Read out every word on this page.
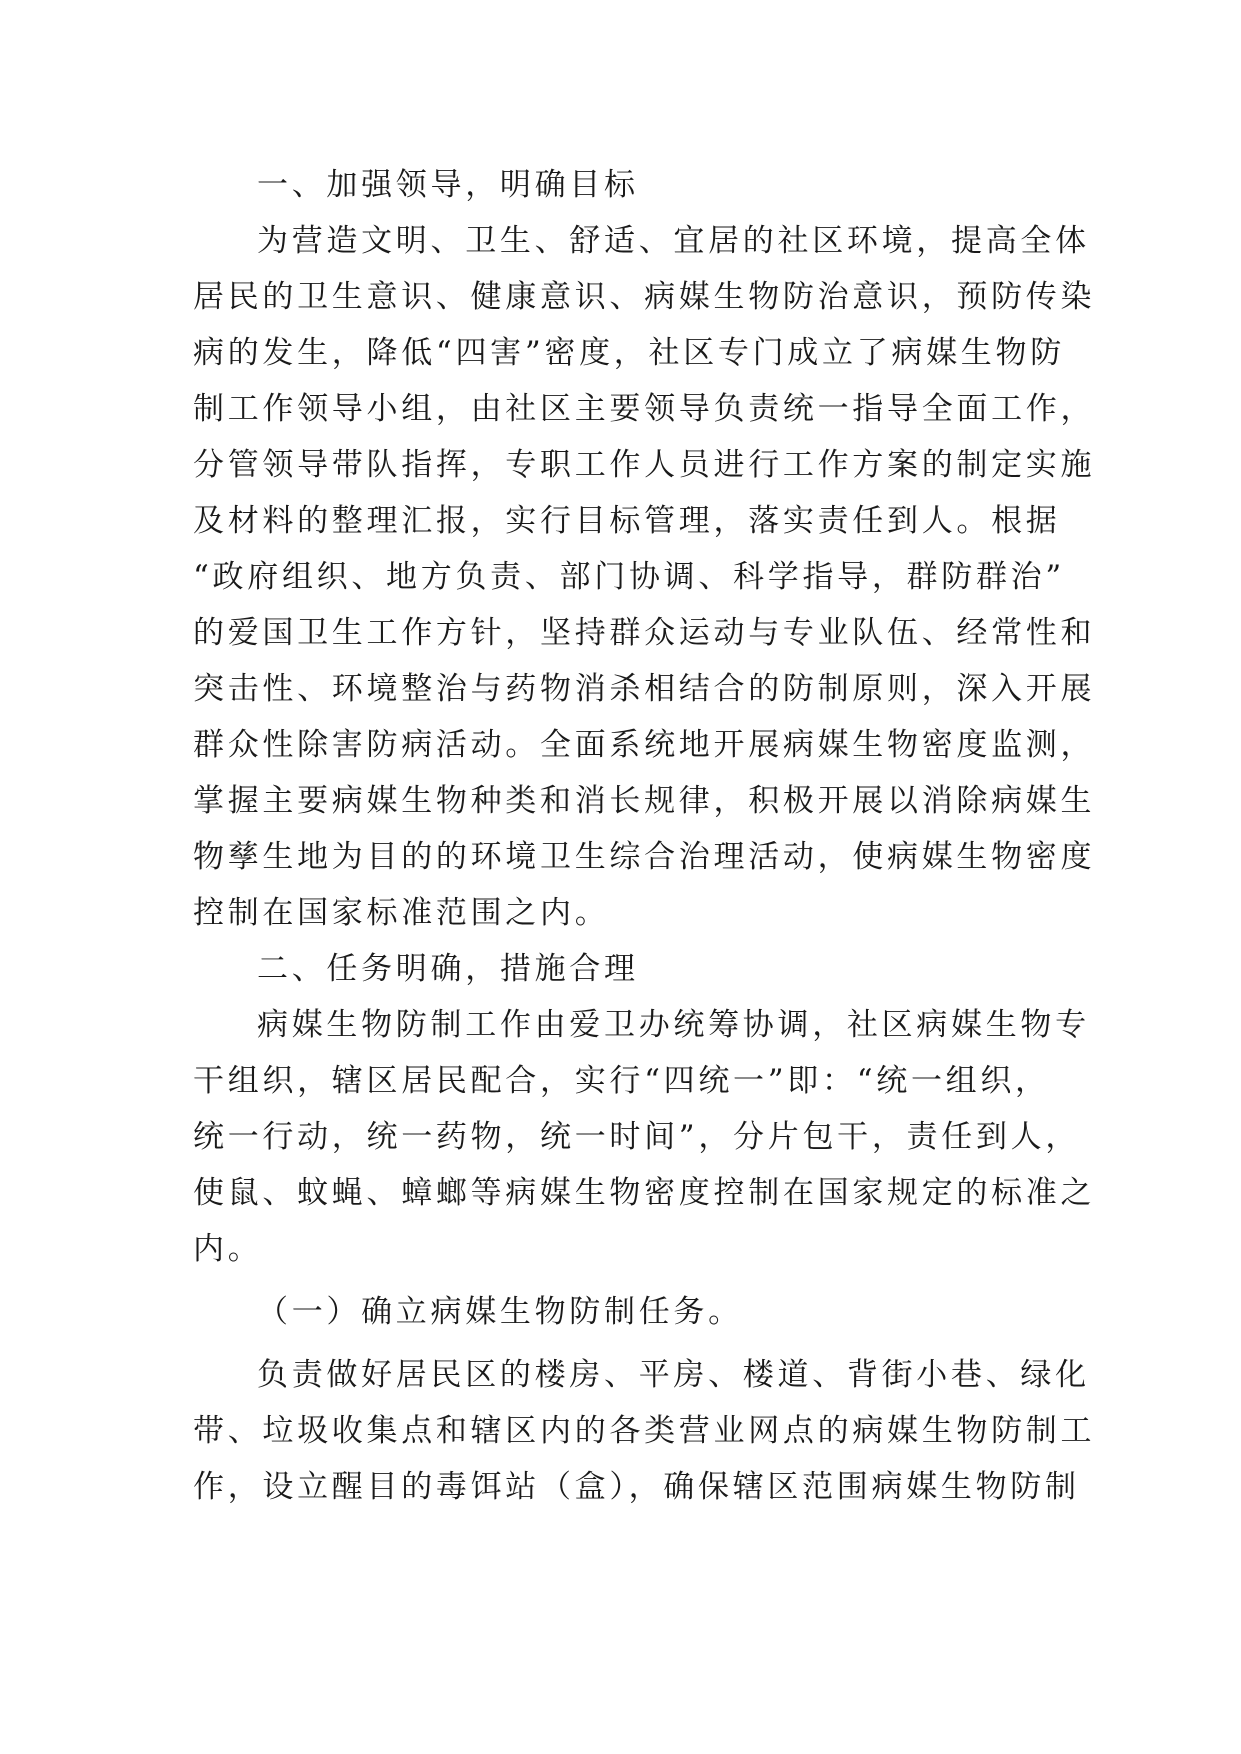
一、加强领导，明确目标
为营造文明、卫生、舒适、宜居的社区环境，提高全体
居民的卫生意识、健康意识、病媒生物防治意识，预防传染
病的发生，降低“四害”密度，社区专门成立了病媒生物防
制工作领导小组，由社区主要领导负责统一指导全面工作，
分管领导带队指挥，专职工作人员进行工作方案的制定实施
及材料的整理汇报，实行目标管理，落实责任到人。根据
“政府组织、地方负责、部门协调、科学指导，群防群治”
的爱国卫生工作方针，坚持群众运动与专业队伍、经常性和
突击性、环境整治与药物消杀相结合的防制原则，深入开展
群众性除害防病活动。全面系统地开展病媒生物密度监测，
掌握主要病媒生物种类和消长规律，积极开展以消除病媒生
物孳生地为目的的环境卫生综合治理活动，使病媒生物密度
控制在国家标准范围之内。
二、任务明确，措施合理
病媒生物防制工作由爱卫办统筹协调，社区病媒生物专
干组织，辖区居民配合，实行“四统一”即：“统一组织，
统一行动，统一药物，统一时间”，分片包干，责任到人，
使鼠、蚊蝇、蟑螂等病媒生物密度控制在国家规定的标准之
内。
（一）确立病媒生物防制任务。
负责做好居民区的楼房、平房、楼道、背街小巷、绿化
带、垃圾收集点和辖区内的各类营业网点的病媒生物防制工
作，设立醒目的毒饵站（盒），确保辖区范围病媒生物防制
